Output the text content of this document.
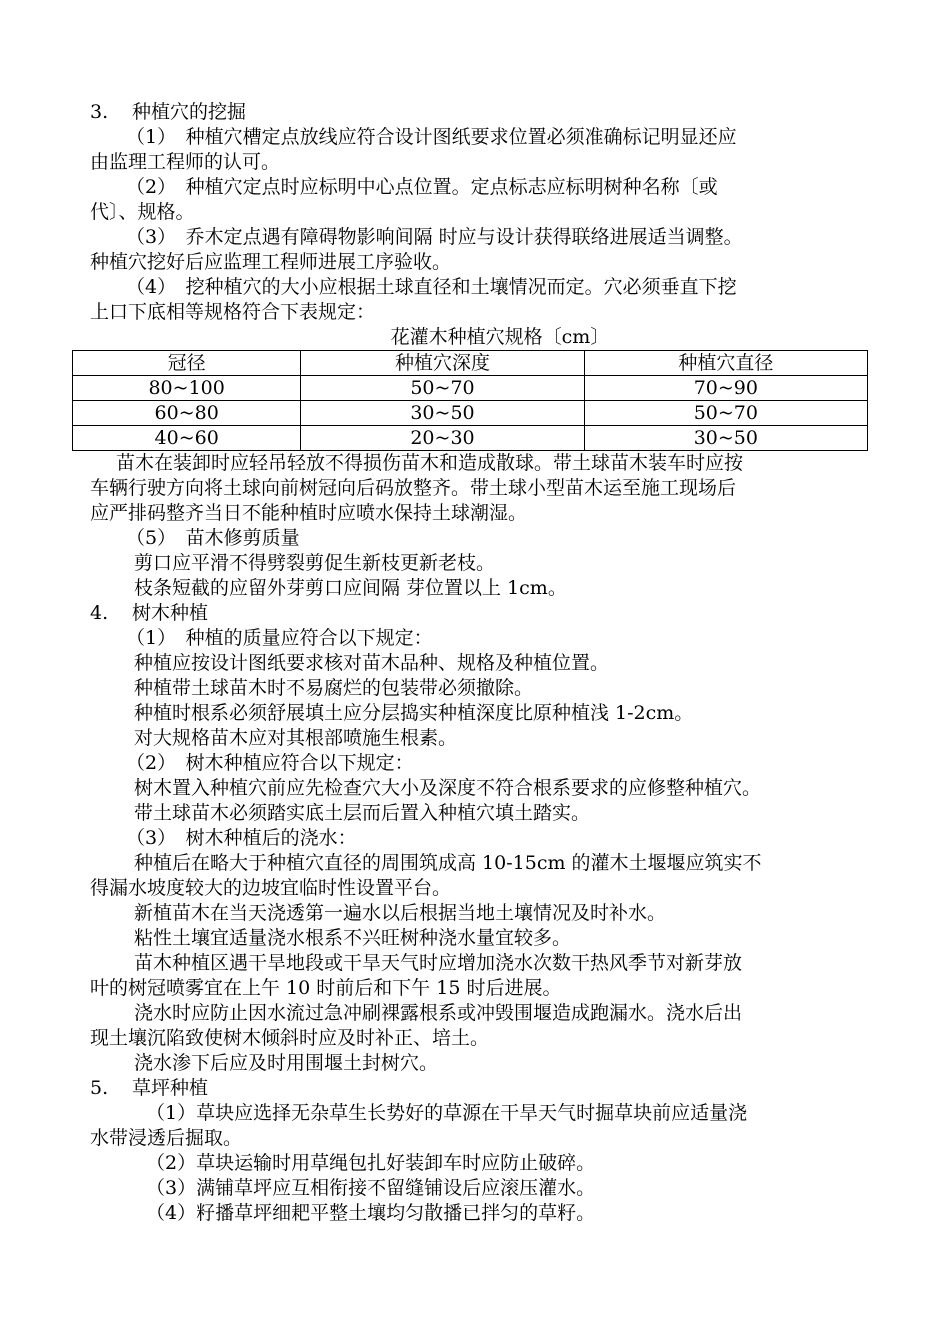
3. 种植穴的挖掘
（1）　种植穴槽定点放线应符合设计图纸要求位置必须准确标记明显还应
由监理工程师的认可。
（2）　种植穴定点时应标明中心点位置。定点标志应标明树种名称〔或
代〕、规格。
（3）　乔木定点遇有障碍物影响间隔 时应与设计获得联络进展适当调整。
种植穴挖好后应监理工程师进展工序验收。
（4）　挖种植穴的大小应根据土球直径和土壤情况而定。穴必须垂直下挖
上口下底相等规格符合下表规定：
花灌木种植穴规格〔cm〕
冠径	种植穴深度	种植穴直径
80~100	50~70	70~90
60~80	30~50	50~70
40~60	20~30	30~50
苗木在装卸时应轻吊轻放不得损伤苗木和造成散球。带土球苗木装车时应按
车辆行驶方向将土球向前树冠向后码放整齐。带土球小型苗木运至施工现场后
应严排码整齐当日不能种植时应喷水保持土球潮湿。
（5）　苗木修剪质量
剪口应平滑不得劈裂剪促生新枝更新老枝。
枝条短截的应留外芽剪口应间隔 芽位置以上 1cm。
4. 树木种植
（1）　种植的质量应符合以下规定：
种植应按设计图纸要求核对苗木品种、规格及种植位置。
种植带土球苗木时不易腐烂的包装带必须撤除。
种植时根系必须舒展填土应分层捣实种植深度比原种植浅 1-2cm。
对大规格苗木应对其根部喷施生根素。
（2）　树木种植应符合以下规定：
树木置入种植穴前应先检查穴大小及深度不符合根系要求的应修整种植穴。
带土球苗木必须踏实底土层而后置入种植穴填土踏实。
（3）　树木种植后的浇水：
种植后在略大于种植穴直径的周围筑成高 10-15cm 的灌木土堰堰应筑实不
得漏水坡度较大的边坡宜临时性设置平台。
新植苗木在当天浇透第一遍水以后根据当地土壤情况及时补水。
粘性土壤宜适量浇水根系不兴旺树种浇水量宜较多。
苗木种植区遇干旱地段或干旱天气时应增加浇水次数干热风季节对新芽放
叶的树冠喷雾宜在上午 10 时前后和下午 15 时后进展。
浇水时应防止因水流过急冲刷裸露根系或冲毁围堰造成跑漏水。浇水后出
现土壤沉陷致使树木倾斜时应及时补正、培土。
浇水渗下后应及时用围堰土封树穴。
5. 草坪种植
（1）草块应选择无杂草生长势好的草源在干旱天气时掘草块前应适量浇
水带浸透后掘取。
（2）草块运输时用草绳包扎好装卸车时应防止破碎。
（3）满铺草坪应互相衔接不留缝铺设后应滚压灌水。
（4）籽播草坪细耙平整土壤均匀散播已拌匀的草籽。
